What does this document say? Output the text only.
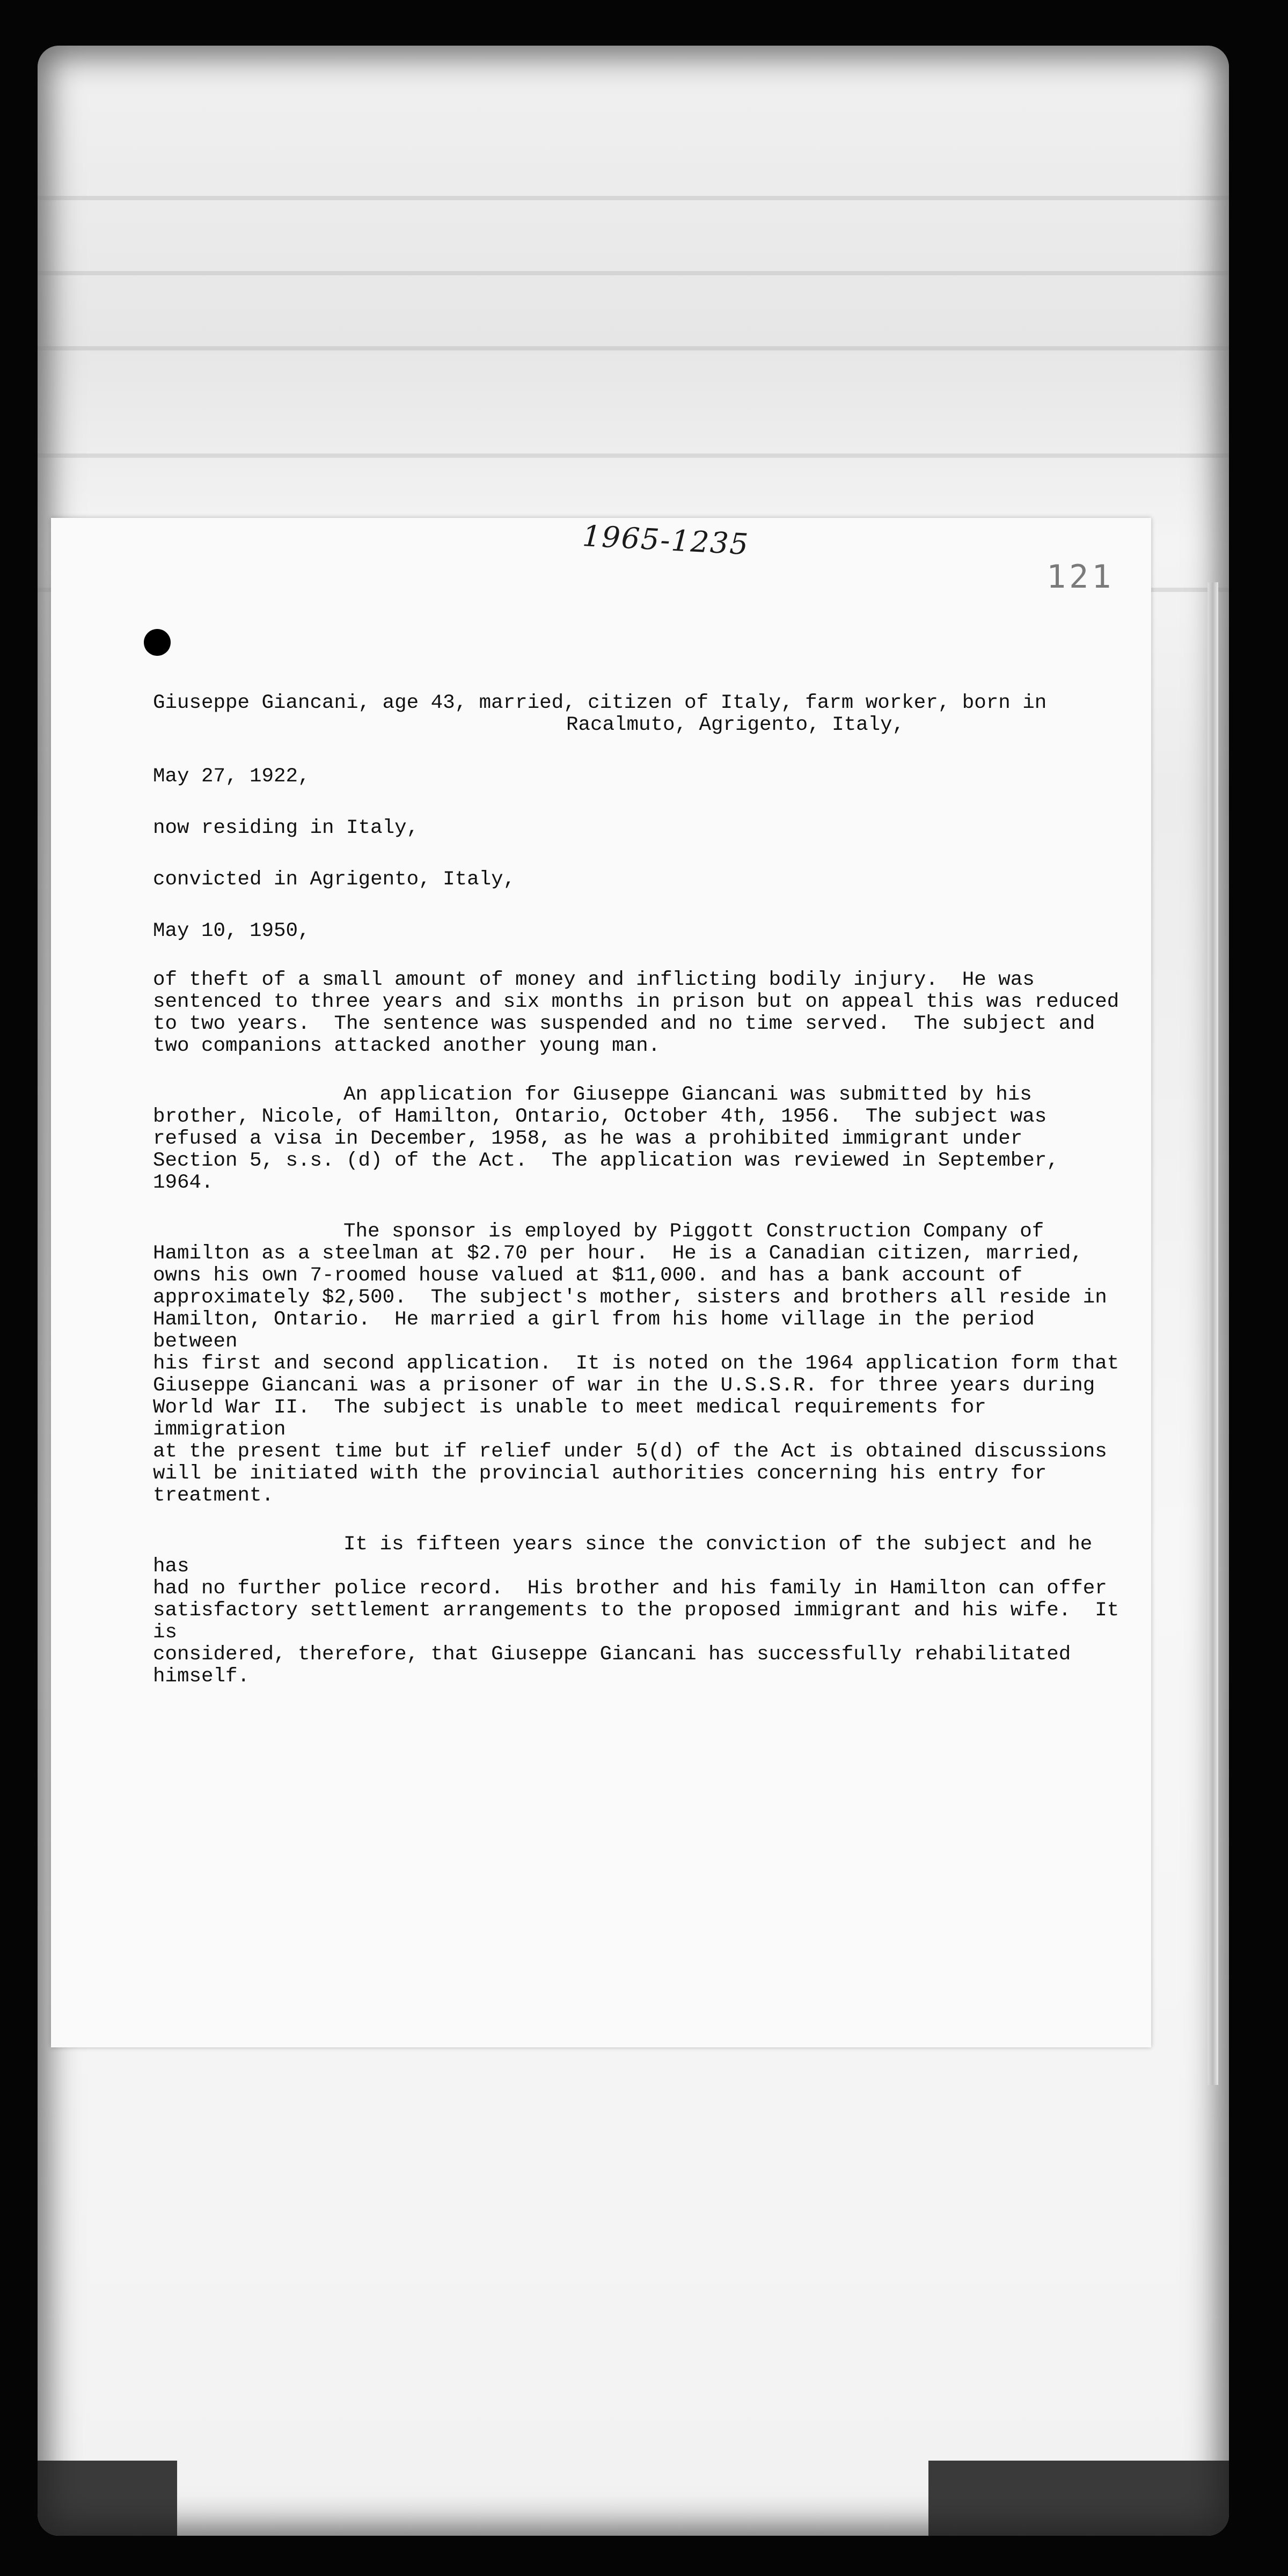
1965-1235
121

Giuseppe Giancani, age 43, married, citizen of Italy, farm worker, born in

Racalmuto, Agrigento, Italy,

May 27, 1922,

now residing in Italy,

convicted in Agrigento, Italy,

May 10, 1950,

of theft of a small amount of money and inflicting bodily injury.  He was
sentenced to three years and six months in prison but on appeal this was reduced
to two years.  The sentence was suspended and no time served.  The subject and
two companions attacked another young man.

An application for Giuseppe Giancani was submitted by his
brother, Nicole, of Hamilton, Ontario, October 4th, 1956.  The subject was
refused a visa in December, 1958, as he was a prohibited immigrant under
Section 5, s.s. (d) of the Act.  The application was reviewed in September, 1964.

The sponsor is employed by Piggott Construction Company of
Hamilton as a steelman at $2.70 per hour.  He is a Canadian citizen, married,
owns his own 7-roomed house valued at $11,000. and has a bank account of
approximately $2,500.  The subject's mother, sisters and brothers all reside in
Hamilton, Ontario.  He married a girl from his home village in the period between
his first and second application.  It is noted on the 1964 application form that
Giuseppe Giancani was a prisoner of war in the U.S.S.R. for three years during
World War II.  The subject is unable to meet medical requirements for immigration
at the present time but if relief under 5(d) of the Act is obtained discussions
will be initiated with the provincial authorities concerning his entry for
treatment.

It is fifteen years since the conviction of the subject and he has
had no further police record.  His brother and his family in Hamilton can offer
satisfactory settlement arrangements to the proposed immigrant and his wife.  It is
considered, therefore, that Giuseppe Giancani has successfully rehabilitated
himself.
